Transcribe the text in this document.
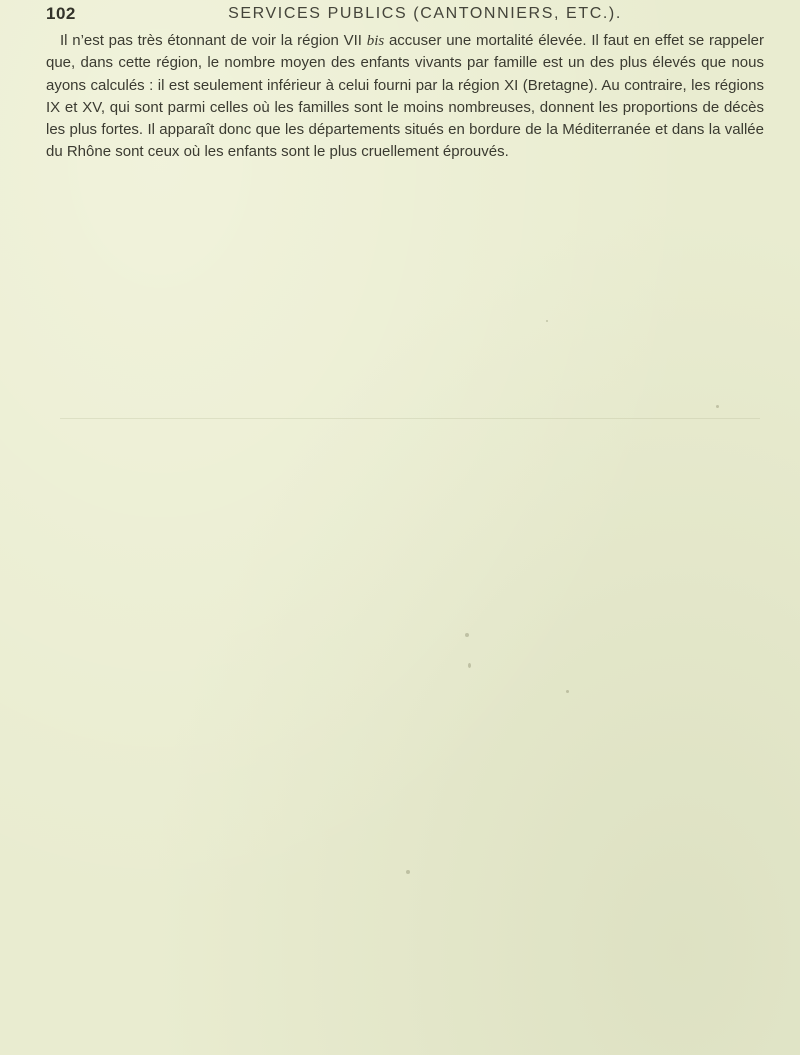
102	SERVICES PUBLICS (CANTONNIERS, ETC.).

Il n’est pas très étonnant de voir la région VII bis accuser une mortalité élevée. Il faut en effet se rappeler que, dans cette région, le nombre moyen des enfants vivants par famille est un des plus élevés que nous ayons calculés : il est seulement inférieur à celui fourni par la région XI (Bretagne). Au contraire, les régions IX et XV, qui sont parmi celles où les familles sont le moins nombreuses, donnent les proportions de décès les plus fortes. Il apparaît donc que les départements situés en bordure de la Méditerranée et dans la vallée du Rhône sont ceux où les enfants sont le plus cruellement éprouvés.
